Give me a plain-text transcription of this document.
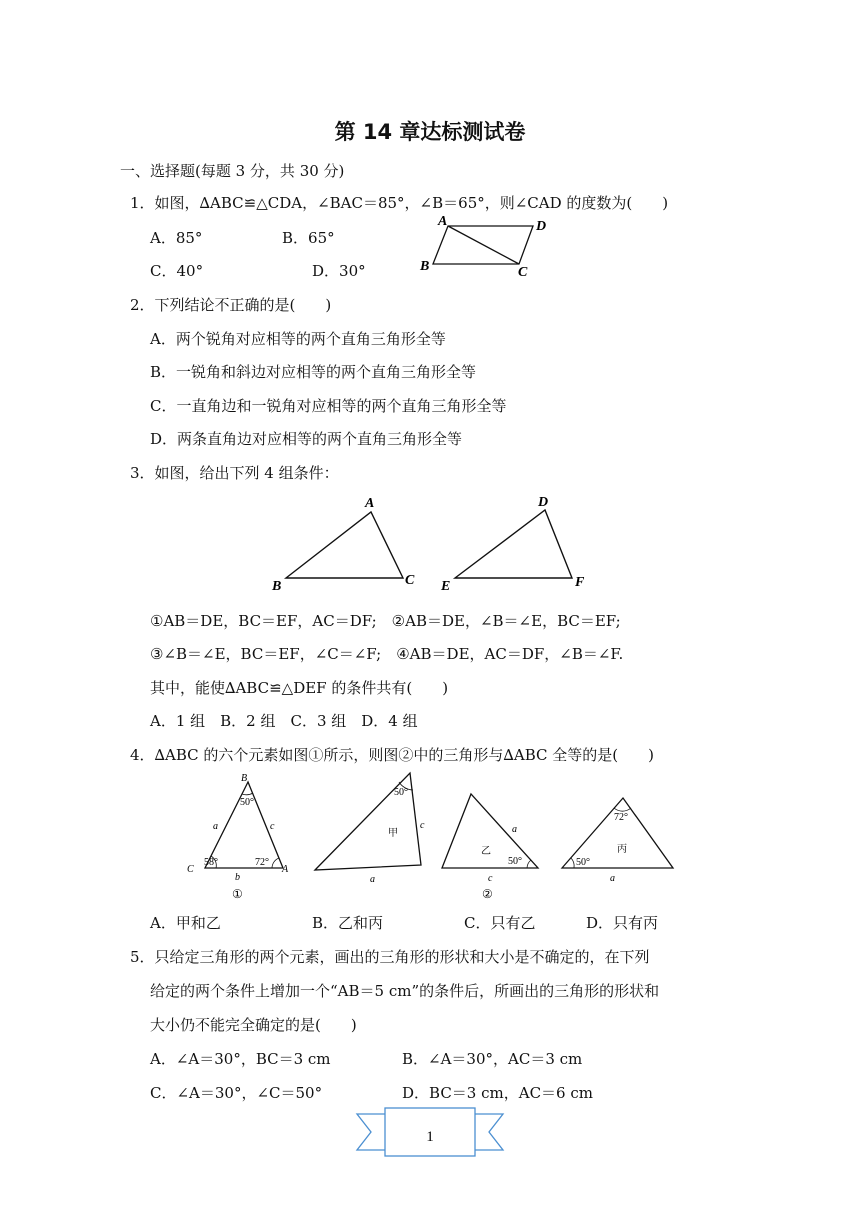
第 14 章达标测试卷
一、选择题(每题 3 分，共 30 分)
1．如图，∆ABC≌△CDA，∠BAC＝85°，∠B＝65°，则∠CAD 的度数为(　　)
A．85°	B．65°
C．40°	D．30°
A	D
B	C
2．下列结论不正确的是(　　)
A．两个锐角对应相等的两个直角三角形全等
B．一锐角和斜边对应相等的两个直角三角形全等
C．一直角边和一锐角对应相等的两个直角三角形全等
D．两条直角边对应相等的两个直角三角形全等
3．如图，给出下列 4 组条件：
A
B	C
D
E	F
①AB＝DE，BC＝EF，AC＝DF;　②AB＝DE，∠B＝∠E，BC＝EF;
③∠B＝∠E，BC＝EF，∠C＝∠F;　④AB＝DE，AC＝DF，∠B＝∠F.
其中，能使∆ABC≌△DEF 的条件共有(　　)
A．1 组　B．2 组　C．3 组　D．4 组
4．∆ABC 的六个元素如图①所示，则图②中的三角形与∆ABC 全等的是(　　)
B
50°
a	c
C
58°	72°
A
b
①
50°
甲
c
a
50°
乙
a
c
②
72°
50°
丙
a
A．甲和乙	B．乙和丙	C．只有乙	D．只有丙
5．只给定三角形的两个元素，画出的三角形的形状和大小是不确定的，在下列
给定的两个条件上增加一个“AB＝5 cm”的条件后，所画出的三角形的形状和
大小仍不能完全确定的是(　　)
A．∠A＝30°，BC＝3 cm	B．∠A＝30°，AC＝3 cm
C．∠A＝30°，∠C＝50°	D．BC＝3 cm，AC＝6 cm
1
